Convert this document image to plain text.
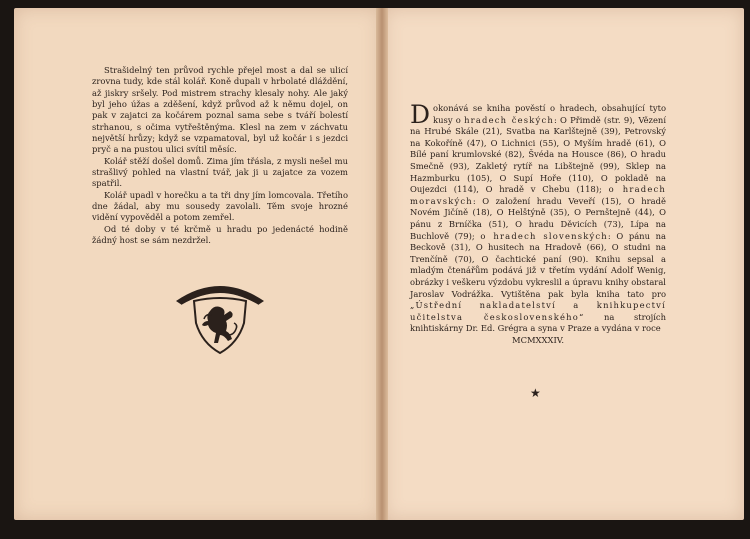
Strašidelný ten průvod rychle přejel most a dal se ulicí zrovna tudy, kde stál kolář. Koně dupali v hrbolaté dláždění, až jiskry sršely. Pod mistrem strachy klesaly nohy. Ale jaký byl jeho úžas a zděšení, když průvod až k němu dojel, on pak v zajatci za kočárem poznal sama sebe s tváří bolestí strhanou, s očima vytřeštěnýma. Klesl na zem v záchvatu největší hrůzy; když se vzpamatoval, byl už kočár i s jezdci pryč a na pustou ulici svítil měsíc.

Kolář stěží došel domů. Zima jím třásla, z mysli nešel mu strašlivý pohled na vlastní tvář, jak ji u zajatce za vozem spatřil.

Kolář upadl v horečku a ta tři dny jím lomcovala. Třetího dne žádal, aby mu sousedy zavolali. Těm svoje hrozné vidění vypověděl a potom zemřel.

Od té doby v té krčmě u hradu po jedenácté hodině žádný host se sám nezdržel.

Dokonává se kniha pověstí o hradech, obsahující tyto kusy o hradech českých: O Přimdě (str. 9), Vězení na Hrubé Skále (21), Svatba na Karlštejně (39), Petrovský na Kokoříně (47), O Lichnici (55), O Myším hradě (61), O Bílé paní krumlovské (82), Švéda na Housce (86), O hradu Smečně (93), Zakletý rytíř na Libštejně (99), Sklep na Hazmburku (105), O Supí Hoře (110), O pokladě na Oujezdci (114), O hradě v Chebu (118); o hradech moravských: O založení hradu Veveří (15), O hradě Novém Jičíně (18), O Helštýně (35), O Pernštejně (44), O pánu z Brníčka (51), O hradu Děvicích (73), Lípa na Buchlově (79); o hradech slovenských: O pánu na Beckově (31), O husitech na Hradově (66), O studni na Trenčíně (70), O čachtické paní (90). Knihu sepsal a mladým čtenářům podává již v třetím vydání Adolf Wenig, obrázky i veškeru výzdobu vykreslil a úpravu knihy obstaral Jaroslav Vodrážka. Vytištěna pak byla kniha tato pro „Ústřední nakladatelství a knihkupectví učitelstva československého“ na strojích knihtiskárny Dr. Ed. Grégra a syna v Praze a vydána v roce

MCMXXXIV.

★
